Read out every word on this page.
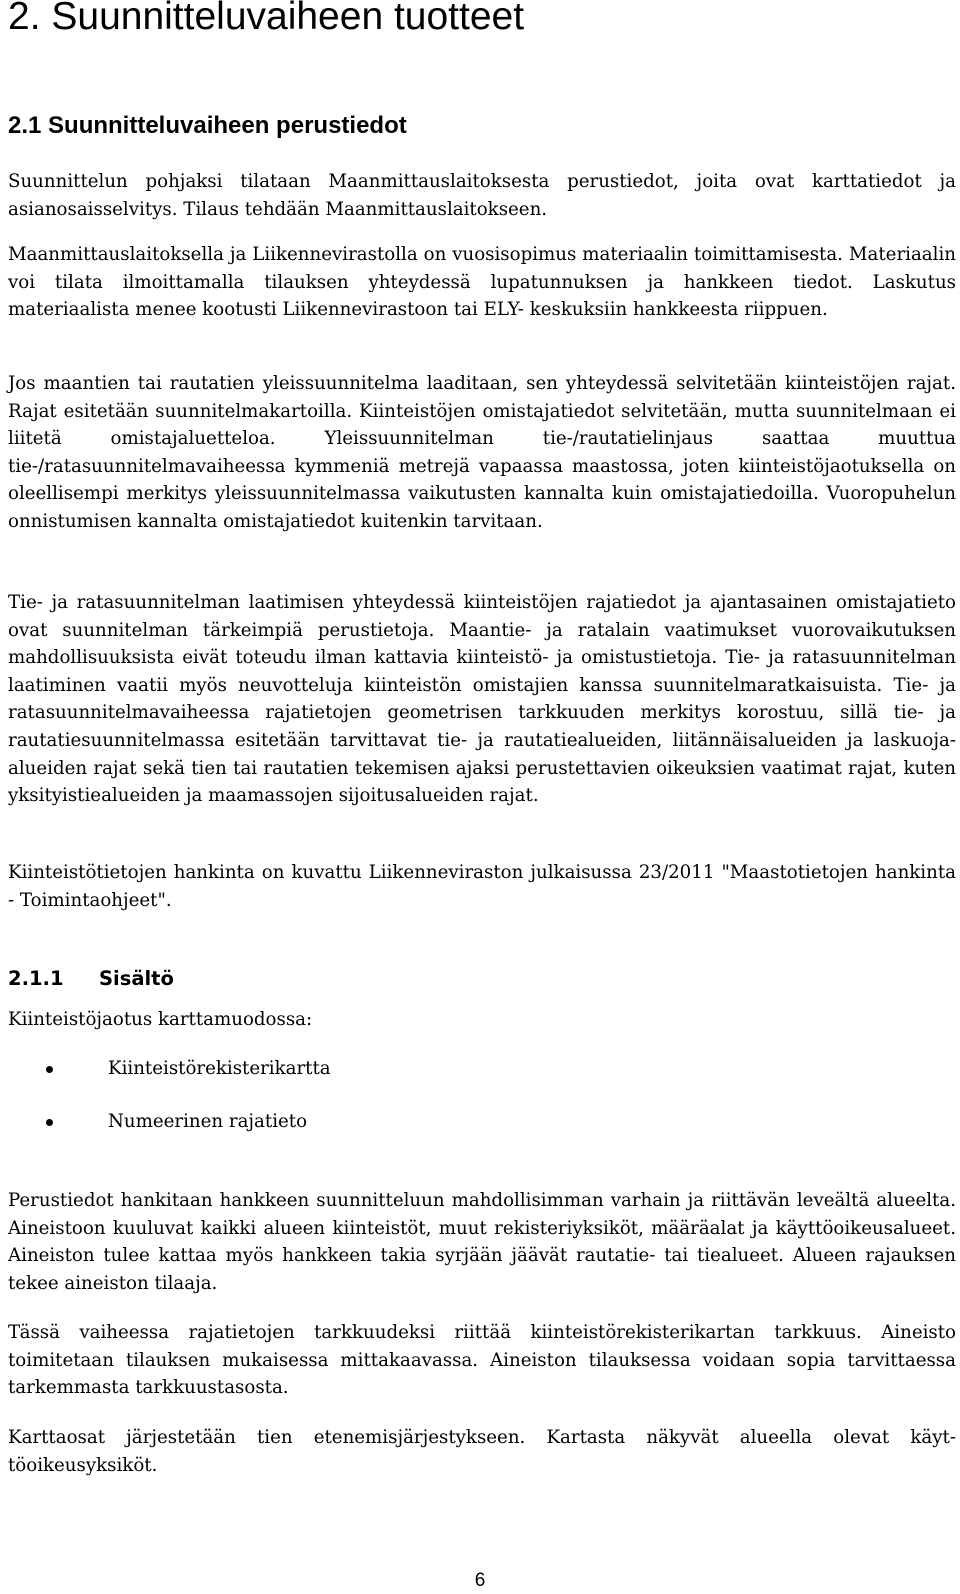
2. Suunnitteluvaiheen tuotteet
2.1 Suunnitteluvaiheen perustiedot

Suunnittelun pohjaksi tilataan Maanmittauslaitoksesta perustiedot, joita ovat karttatiedot ja asianosaisselvitys. Tilaus tehdään Maanmittauslaitokseen.

Maanmittauslaitoksella ja Liikennevirastolla on vuosisopimus materiaalin toimittamisesta. Materiaalin voi tilata ilmoittamalla tilauksen yhteydessä lupatunnuksen ja hankkeen tiedot. Laskutus materiaalista menee kootusti Liikennevirastoon tai ELY- keskuksiin hankkeesta riippuen.

Jos maantien tai rautatien yleissuunnitelma laaditaan, sen yhteydessä selvitetään kiinteistöjen rajat. Rajat esitetään suunnitelmakartoilla. Kiinteistöjen omistajatiedot selvitetään, mutta suunnitelmaan ei liitetä omistajaluetteloa. Yleissuunnitelman tie-/rautatielinjaus saattaa muuttua tie-/ratasuunnitelmavaiheessa kymmeniä metrejä vapaassa maastossa, joten kiinteistöjaotuksella on oleellisempi merkitys yleissuunnitelmassa vaikutusten kannalta kuin omistajatiedoilla. Vuoropuhelun onnistumisen kannalta omistajatiedot kuitenkin tarvitaan.

Tie- ja ratasuunnitelman laatimisen yhteydessä kiinteistöjen rajatiedot ja ajantasainen omistajatieto ovat suunnitelman tärkeimpiä perustietoja. Maantie- ja ratalain vaatimukset vuorovaikutuksen mahdollisuuksista eivät toteudu ilman kattavia kiinteistö- ja omistustietoja. Tie- ja ratasuunnitelman laatiminen vaatii myös neuvotteluja kiinteistön omistajien kanssa suunnitelmaratkaisuista. Tie- ja ratasuunnitelmavaiheessa rajatietojen geometrisen tarkkuuden merkitys korostuu, sillä tie- ja rautatiesuunnitelmassa esitetään tarvittavat tie- ja rautatiealueiden, liitännäisalueiden ja laskuoja-alueiden rajat sekä tien tai rautatien tekemisen ajaksi perustettavien oikeuksien vaatimat rajat, kuten yksityistiealueiden ja maamassojen sijoitusalueiden rajat.

Kiinteistötietojen hankinta on kuvattu Liikenneviraston julkaisussa 23/2011 "Maastotietojen hankinta - Toimintaohjeet".

2.1.1 Sisältö

Kiinteistöjaotus karttamuodossa:

Kiinteistörekisterikartta
Numeerinen rajatieto

Perustiedot hankitaan hankkeen suunnitteluun mahdollisimman varhain ja riittävän leveältä alueelta. Aineistoon kuuluvat kaikki alueen kiinteistöt, muut rekisteriyksiköt, määräalat ja käyttöoikeusalueet. Aineiston tulee kattaa myös hankkeen takia syrjään jäävät rautatie- tai tiealueet. Alueen rajauksen tekee aineiston tilaaja.

Tässä vaiheessa rajatietojen tarkkuudeksi riittää kiinteistörekisterikartan tarkkuus. Aineisto toimitetaan tilauksen mukaisessa mittakaavassa. Aineiston tilauksessa voidaan sopia tarvittaessa tarkemmasta tarkkuustasosta.

Karttaosat järjestetään tien etenemisjärjestykseen. Kartasta näkyvät alueella olevat käyttöoikeusyksiköt.

6
